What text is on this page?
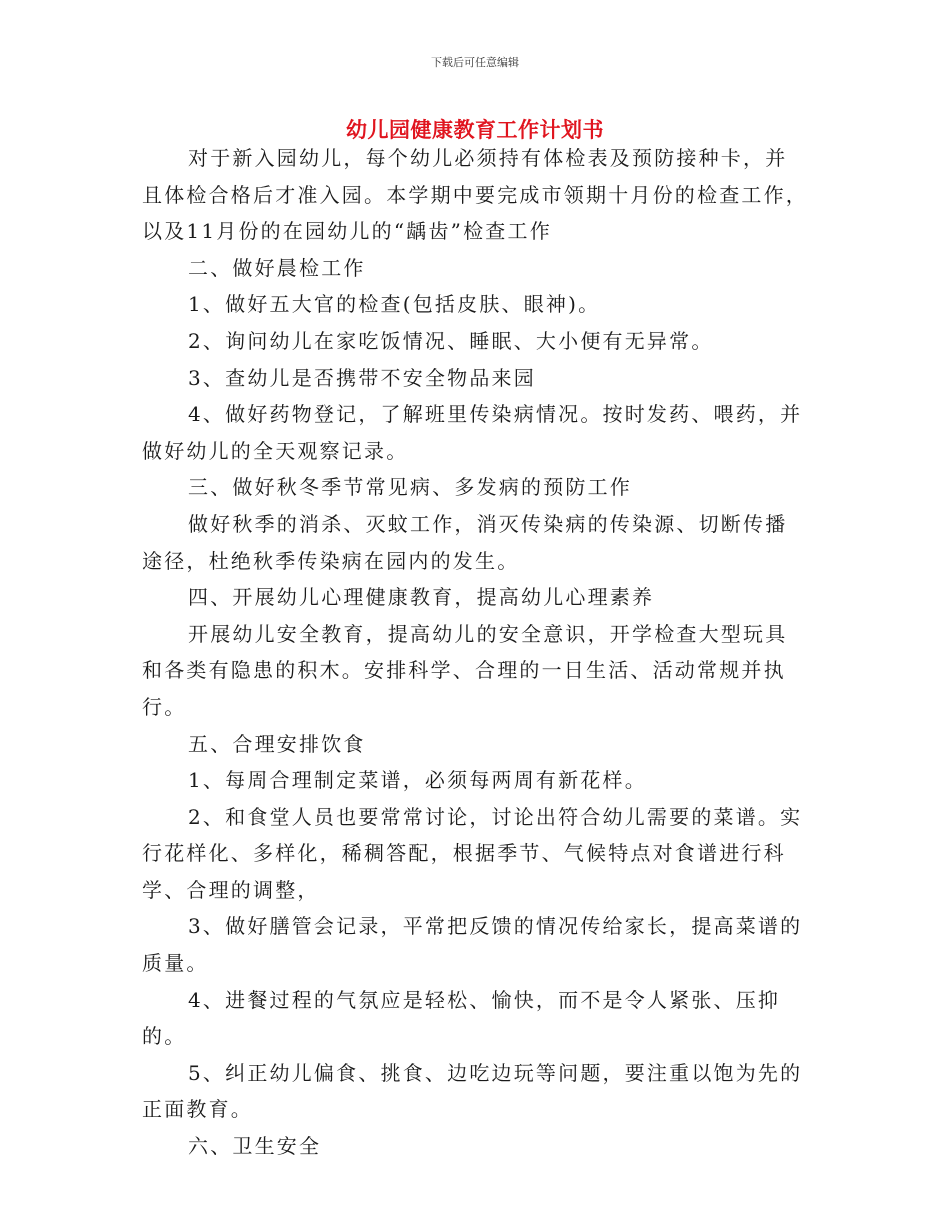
下载后可任意编辑
幼儿园健康教育工作计划书

对于新入园幼儿，每个幼儿必须持有体检表及预防接种卡，并且体检合格后才准入园。本学期中要完成市领期十月份的检查工作，以及11月份的在园幼儿的“龋齿”检查工作

二、做好晨检工作

1、做好五大官的检查(包括皮肤、眼神)。

2、询问幼儿在家吃饭情况、睡眠、大小便有无异常。

3、查幼儿是否携带不安全物品来园

4、做好药物登记，了解班里传染病情况。按时发药、喂药，并做好幼儿的全天观察记录。

三、做好秋冬季节常见病、多发病的预防工作

做好秋季的消杀、灭蚊工作，消灭传染病的传染源、切断传播途径，杜绝秋季传染病在园内的发生。

四、开展幼儿心理健康教育，提高幼儿心理素养

开展幼儿安全教育，提高幼儿的安全意识，开学检查大型玩具和各类有隐患的积木。安排科学、合理的一日生活、活动常规并执行。

五、合理安排饮食

1、每周合理制定菜谱，必须每两周有新花样。

2、和食堂人员也要常常讨论，讨论出符合幼儿需要的菜谱。实行花样化、多样化，稀稠答配，根据季节、气候特点对食谱进行科学、合理的调整，

3、做好膳管会记录，平常把反馈的情况传给家长，提高菜谱的质量。

4、进餐过程的气氛应是轻松、愉快，而不是令人紧张、压抑的。

5、纠正幼儿偏食、挑食、边吃边玩等问题，要注重以饱为先的正面教育。

六、卫生安全
